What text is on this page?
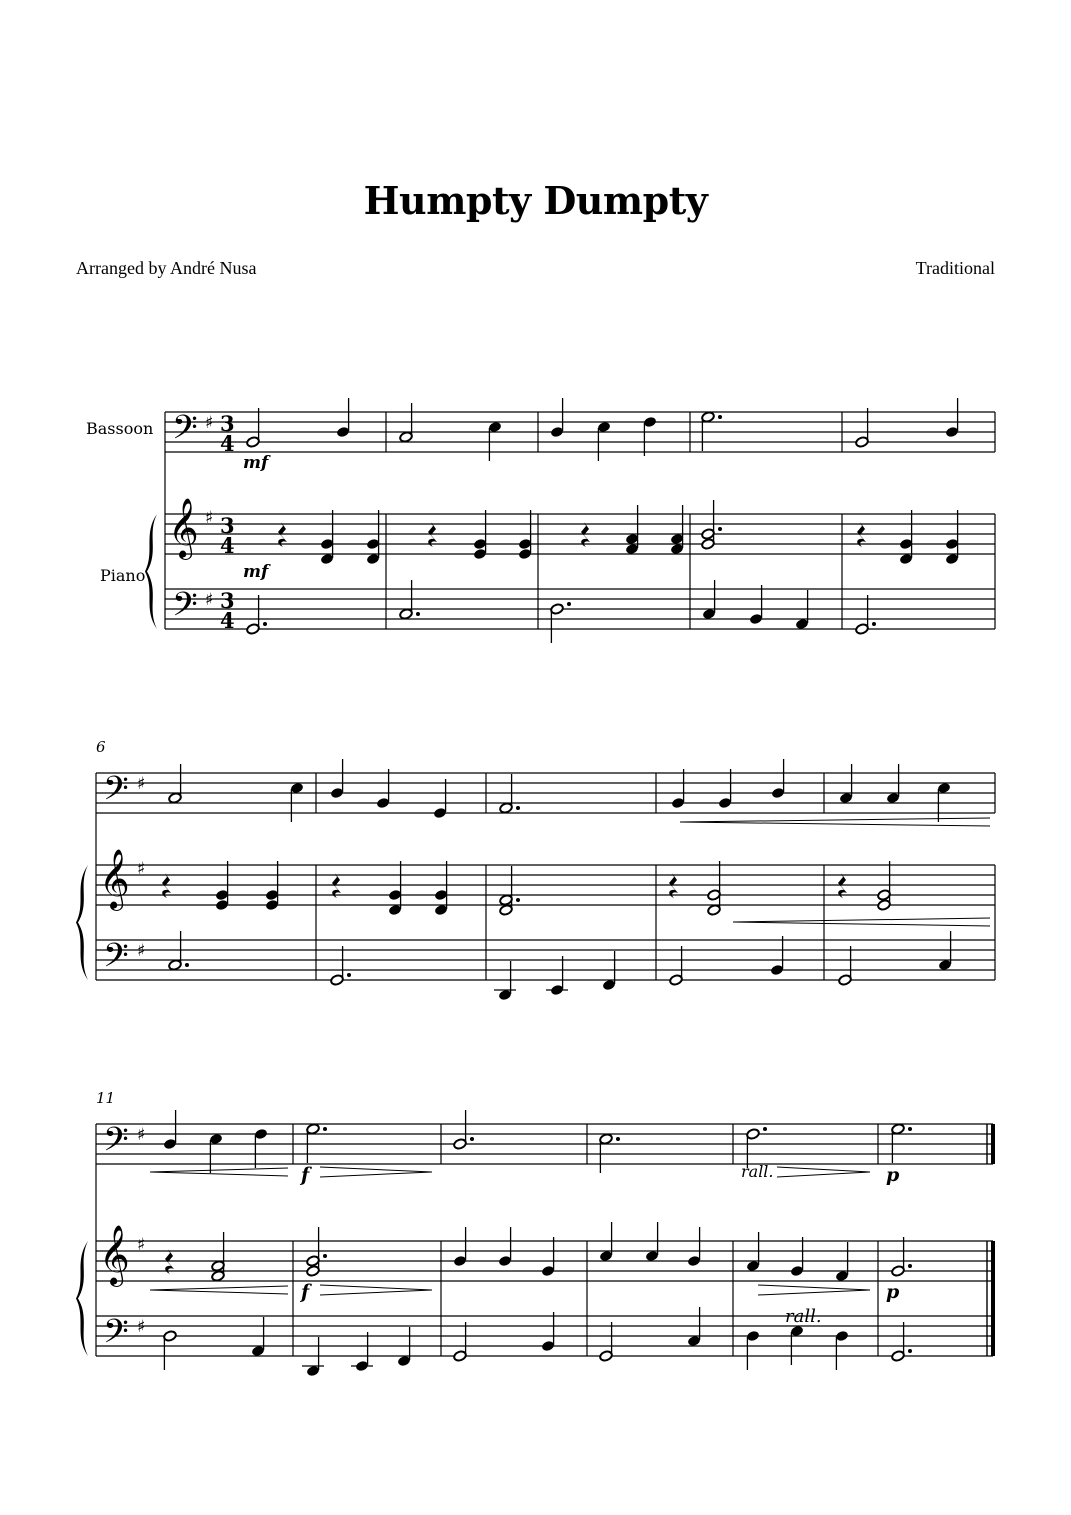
Humpty Dumpty
Arranged by André Nusa	Traditional
Bassoon
Piano
6
11
𝄢
𝄞
𝄢
♯
♯
♯
3
4
3
4
3
4
𝄢
𝄞
𝄢
♯
♯
♯
𝄢
𝄞
𝄢
♯
♯
♯
mf
mf
f
f
p
p
rall.
rall.
